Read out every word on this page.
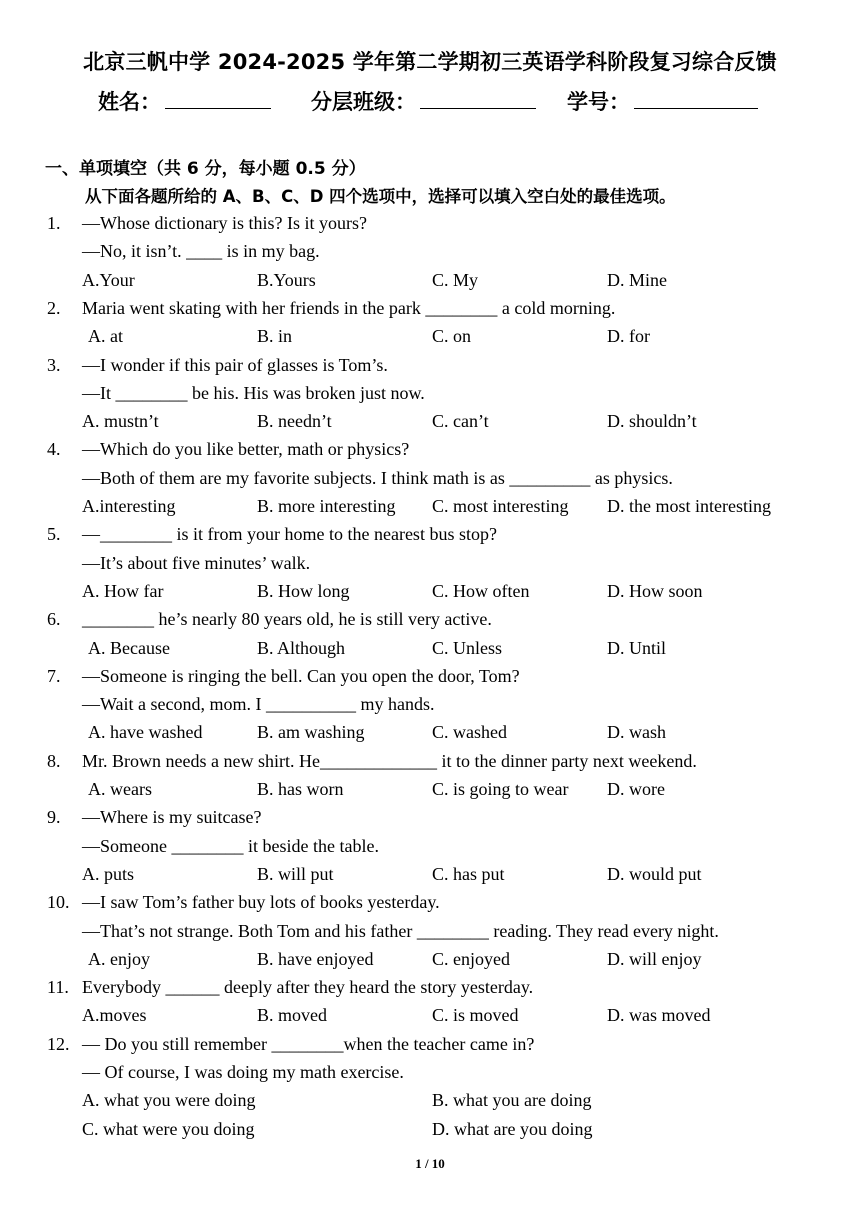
北京三帆中学 2024-2025 学年第二学期初三英语学科阶段复习综合反馈
姓名：	分层班级：	学号：
一、单项填空（共 6 分，每小题 0.5 分）
从下面各题所给的 A、B、C、D 四个选项中，选择可以填入空白处的最佳选项。
1. —Whose dictionary is this? Is it yours?
—No, it isn’t. ____ is in my bag.
A.Your	B.Yours	C. My	D. Mine
2. Maria went skating with her friends in the park ________ a cold morning.
A. at	B. in	C. on	D. for
3. —I wonder if this pair of glasses is Tom’s.
—It ________ be his. His was broken just now.
A. mustn’t	B. needn’t	C. can’t	D. shouldn’t
4. —Which do you like better, math or physics?
—Both of them are my favorite subjects. I think math is as _________ as physics.
A.interesting	B. more interesting C. most interesting D. the most interesting
5. —________ is it from your home to the nearest bus stop?
—It’s about five minutes’ walk.
A. How far	B. How long	C. How often	D. How soon
6. ________ he’s nearly 80 years old, he is still very active.
A. Because	B. Although	C. Unless	D. Until
7. —Someone is ringing the bell. Can you open the door, Tom?
—Wait a second, mom. I __________ my hands.
A. have washed	B. am washing	C. washed	D. wash
8. Mr. Brown needs a new shirt. He_____________ it to the dinner party next weekend.
A. wears	B. has worn	C. is going to wear D. wore
9. —Where is my suitcase?
—Someone ________ it beside the table.
A. puts	B. will put	C. has put	D. would put
10. —I saw Tom’s father buy lots of books yesterday.
—That’s not strange. Both Tom and his father ________ reading. They read every night.
A. enjoy	B. have enjoyed	C. enjoyed	D. will enjoy
11. Everybody ______ deeply after they heard the story yesterday.
A.moves	B. moved	C. is moved	D. was moved
12. — Do you still remember ________when the teacher came in?
— Of course, I was doing my math exercise.
A. what you were doing	B. what you are doing
C. what were you doing	D. what are you doing
1 / 10
